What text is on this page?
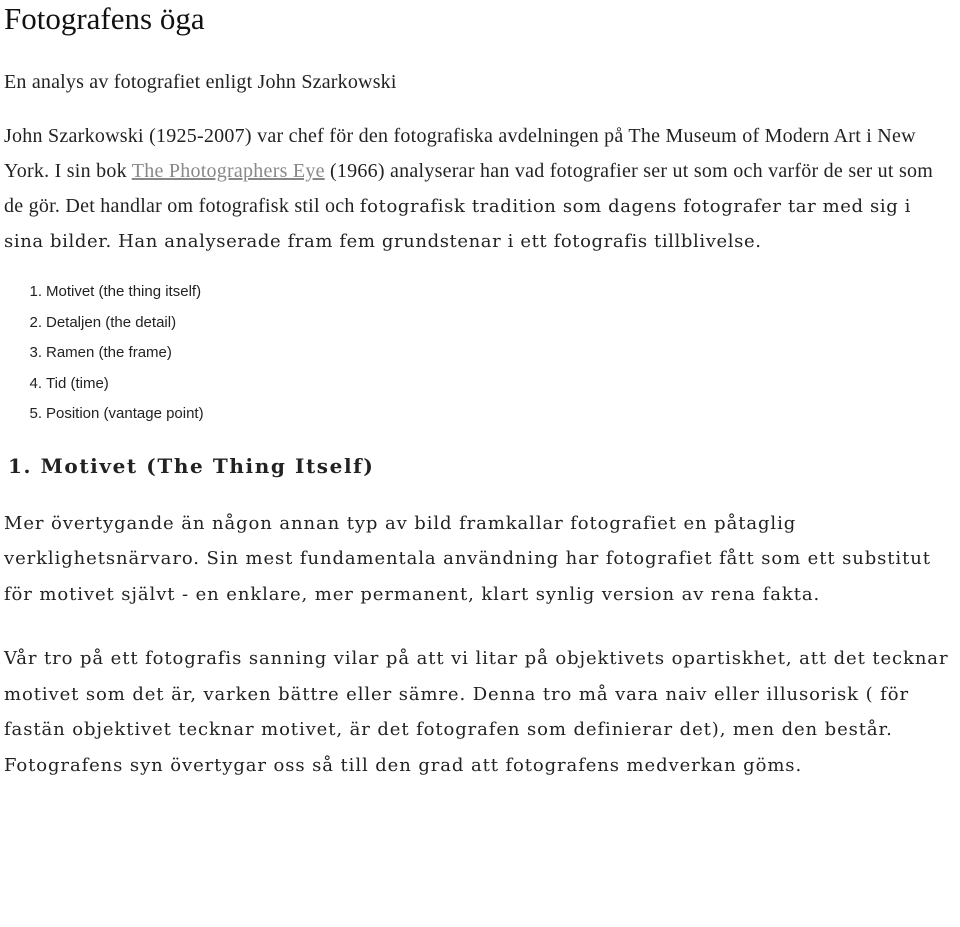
Fotografens öga
En analys av fotografiet enligt John Szarkowski

John Szarkowski (1925-2007) var chef för den fotografiska avdelningen på The Museum of Modern Art i New York. I sin bok The Photographers Eye (1966) analyserar han vad fotografier ser ut som och varför de ser ut som de gör. Det handlar om fotografisk stil och fotografisk tradition som dagens fotografer tar med sig i sina bilder. Han analyserade fram fem grundstenar i ett fotografis tillblivelse.

1. Motivet (the thing itself)
2. Detaljen (the detail)
3. Ramen (the frame)
4. Tid (time)
5. Position (vantage point)
1. Motivet (The Thing Itself)

Mer övertygande än någon annan typ av bild framkallar fotografiet en påtaglig verklighetsnärvaro. Sin mest fundamentala användning har fotografiet fått som ett substitut för motivet självt - en enklare, mer permanent, klart synlig version av rena fakta.

Vår tro på ett fotografis sanning vilar på att vi litar på objektivets opartiskhet, att det tecknar motivet som det är, varken bättre eller sämre. Denna tro må vara naiv eller illusorisk ( för fastän objektivet tecknar motivet, är det fotografen som definierar det), men den består. Fotografens syn övertygar oss så till den grad att fotografens medverkan göms.
